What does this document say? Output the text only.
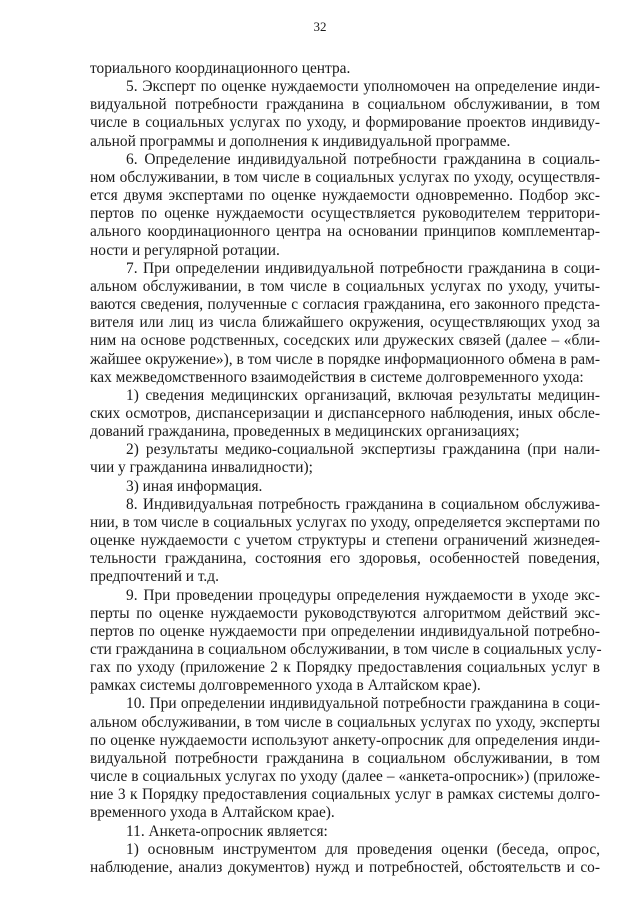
32
ториального координационного центра.
5. Эксперт по оценке нуждаемости уполномочен на определение инди-
видуальной потребности гражданина в социальном обслуживании, в том
числе в социальных услугах по уходу, и формирование проектов индивиду-
альной программы и дополнения к индивидуальной программе.
6. Определение индивидуальной потребности гражданина в социаль-
ном обслуживании, в том числе в социальных услугах по уходу, осуществля-
ется двумя экспертами по оценке нуждаемости одновременно. Подбор экс-
пертов по оценке нуждаемости осуществляется руководителем территори-
ального координационного центра на основании принципов комплементар-
ности и регулярной ротации.
7. При определении индивидуальной потребности гражданина в соци-
альном обслуживании, в том числе в социальных услугах по уходу, учиты-
ваются сведения, полученные с согласия гражданина, его законного предста-
вителя или лиц из числа ближайшего окружения, осуществляющих уход за
ним на основе родственных, соседских или дружеских связей (далее – «бли-
жайшее окружение»), в том числе в порядке информационного обмена в рам-
ках межведомственного взаимодействия в системе долговременного ухода:
1) сведения медицинских организаций, включая результаты медицин-
ских осмотров, диспансеризации и диспансерного наблюдения, иных обсле-
дований гражданина, проведенных в медицинских организациях;
2) результаты медико-социальной экспертизы гражданина (при нали-
чии у гражданина инвалидности);
3) иная информация.
8. Индивидуальная потребность гражданина в социальном обслужива-
нии, в том числе в социальных услугах по уходу, определяется экспертами по
оценке нуждаемости с учетом структуры и степени ограничений жизнедея-
тельности гражданина, состояния его здоровья, особенностей поведения,
предпочтений и т.д.
9. При проведении процедуры определения нуждаемости в уходе экс-
перты по оценке нуждаемости руководствуются алгоритмом действий экс-
пертов по оценке нуждаемости при определении индивидуальной потребно-
сти гражданина в социальном обслуживании, в том числе в социальных услу-
гах по уходу (приложение 2 к Порядку предоставления социальных услуг в
рамках системы долговременного ухода в Алтайском крае).
10. При определении индивидуальной потребности гражданина в соци-
альном обслуживании, в том числе в социальных услугах по уходу, эксперты
по оценке нуждаемости используют анкету-опросник для определения инди-
видуальной потребности гражданина в социальном обслуживании, в том
числе в социальных услугах по уходу (далее – «анкета-опросник») (приложе-
ние 3 к Порядку предоставления социальных услуг в рамках системы долго-
временного ухода в Алтайском крае).
11. Анкета-опросник является:
1) основным инструментом для проведения оценки (беседа, опрос,
наблюдение, анализ документов) нужд и потребностей, обстоятельств и со-
